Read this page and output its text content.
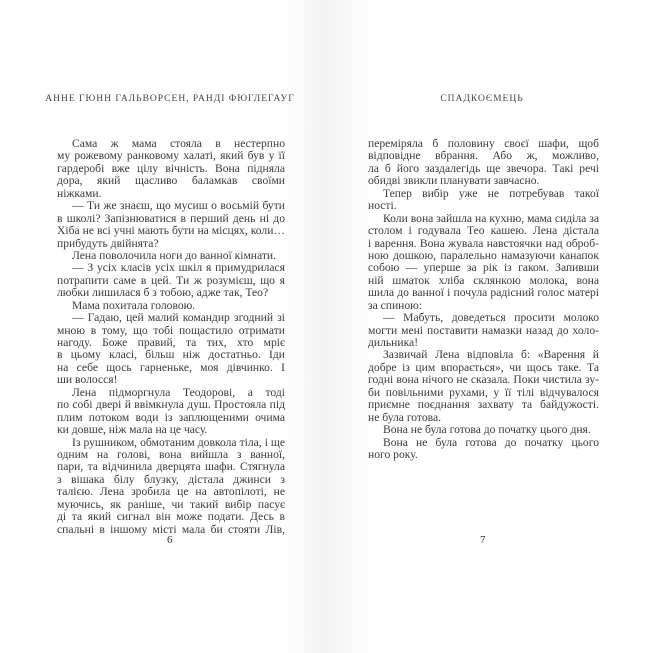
АННЕ ГЮНН ГАЛЬВОРСЕН, РАНДІ ФЮГЛЕГАУГ
Сама ж мама стояла в нестерпно
му рожевому ранковому халаті, який був у її
гардеробі вже цілу вічність. Вона підняла
дора, який щасливо баламкав своїми
ніжками.
— Ти же знаєш, що мусиш о восьмій бути
в школі? Запізнюватися в перший день ні до
Хіба не всі учні мають бути на місцях, коли…
прибудуть двійнята?
Лена поволочила ноги до ванної кімнати.
— З усіх класів усіх шкіл я примудрилася
потрапити саме в цей. Ти ж розумієш, що я
любки лишилася б з тобою, адже так, Тео?
Мама похитала головою.
— Гадаю, цей малий командир згодний зі
мною в тому, що тобі пощастило отримати
нагоду. Боже правий, та тих, хто мріє
в цьому класі, більш ніж достатньо. Іди
на себе щось гарненьке, моя дівчинко. І
ши волосся!
Лена підморгнула Теодорові, а тоді
по собі двері й ввімкнула душ. Простояла під
плим потоком води із заплющеними очима
ки довше, ніж мала на це часу.
Із рушником, обмотаним довкола тіла, і ще
одним на голові, вона вийшла з ванної,
пари, та відчинила дверцята шафи. Стягнула
з вішака білу блузку, дістала джинси з
талією. Лена зробила це на автопілоті, не
муючись, як раніше, чи такий вибір пасує
ді та який сигнал він може подати. Десь в
спальні в іншому місті мала би стояти Лів,
6
СПАДКОЄМЕЦЬ
переміряла б половину своєї шафи, щоб
відповідне вбрання. Або ж, можливо,
ла б його заздалегідь ще звечора. Такі речі
обидві звикли планувати завчасно.
Тепер вибір уже не потребував такої
ності.
Коли вона зайшла на кухню, мама сиділа за
столом і годувала Тео кашею. Лена дістала
і варення. Вона жувала навстоячки над оброб-
ною дошкою, паралельно намазуючи канапок
собою — уперше за рік із гаком. Запивши
ній шматок хліба склянкою молока, вона
шила до ванної і почула радісний голос матері
за спиною:
— Мабуть, доведеться просити молоко
могти мені поставити намазки назад до холо-
дильника!
Зазвичай Лена відповіла б: «Варення й
добре із цим впорається», чи щось таке. Та
годні вона нічого не сказала. Поки чистила зу-
би повільними рухами, у її тілі відчувалося
приємне поєднання захвату та байдужості.
не була готова.
Вона не була готова до початку цього дня.
Вона не була готова до початку цього
ного року.
7
